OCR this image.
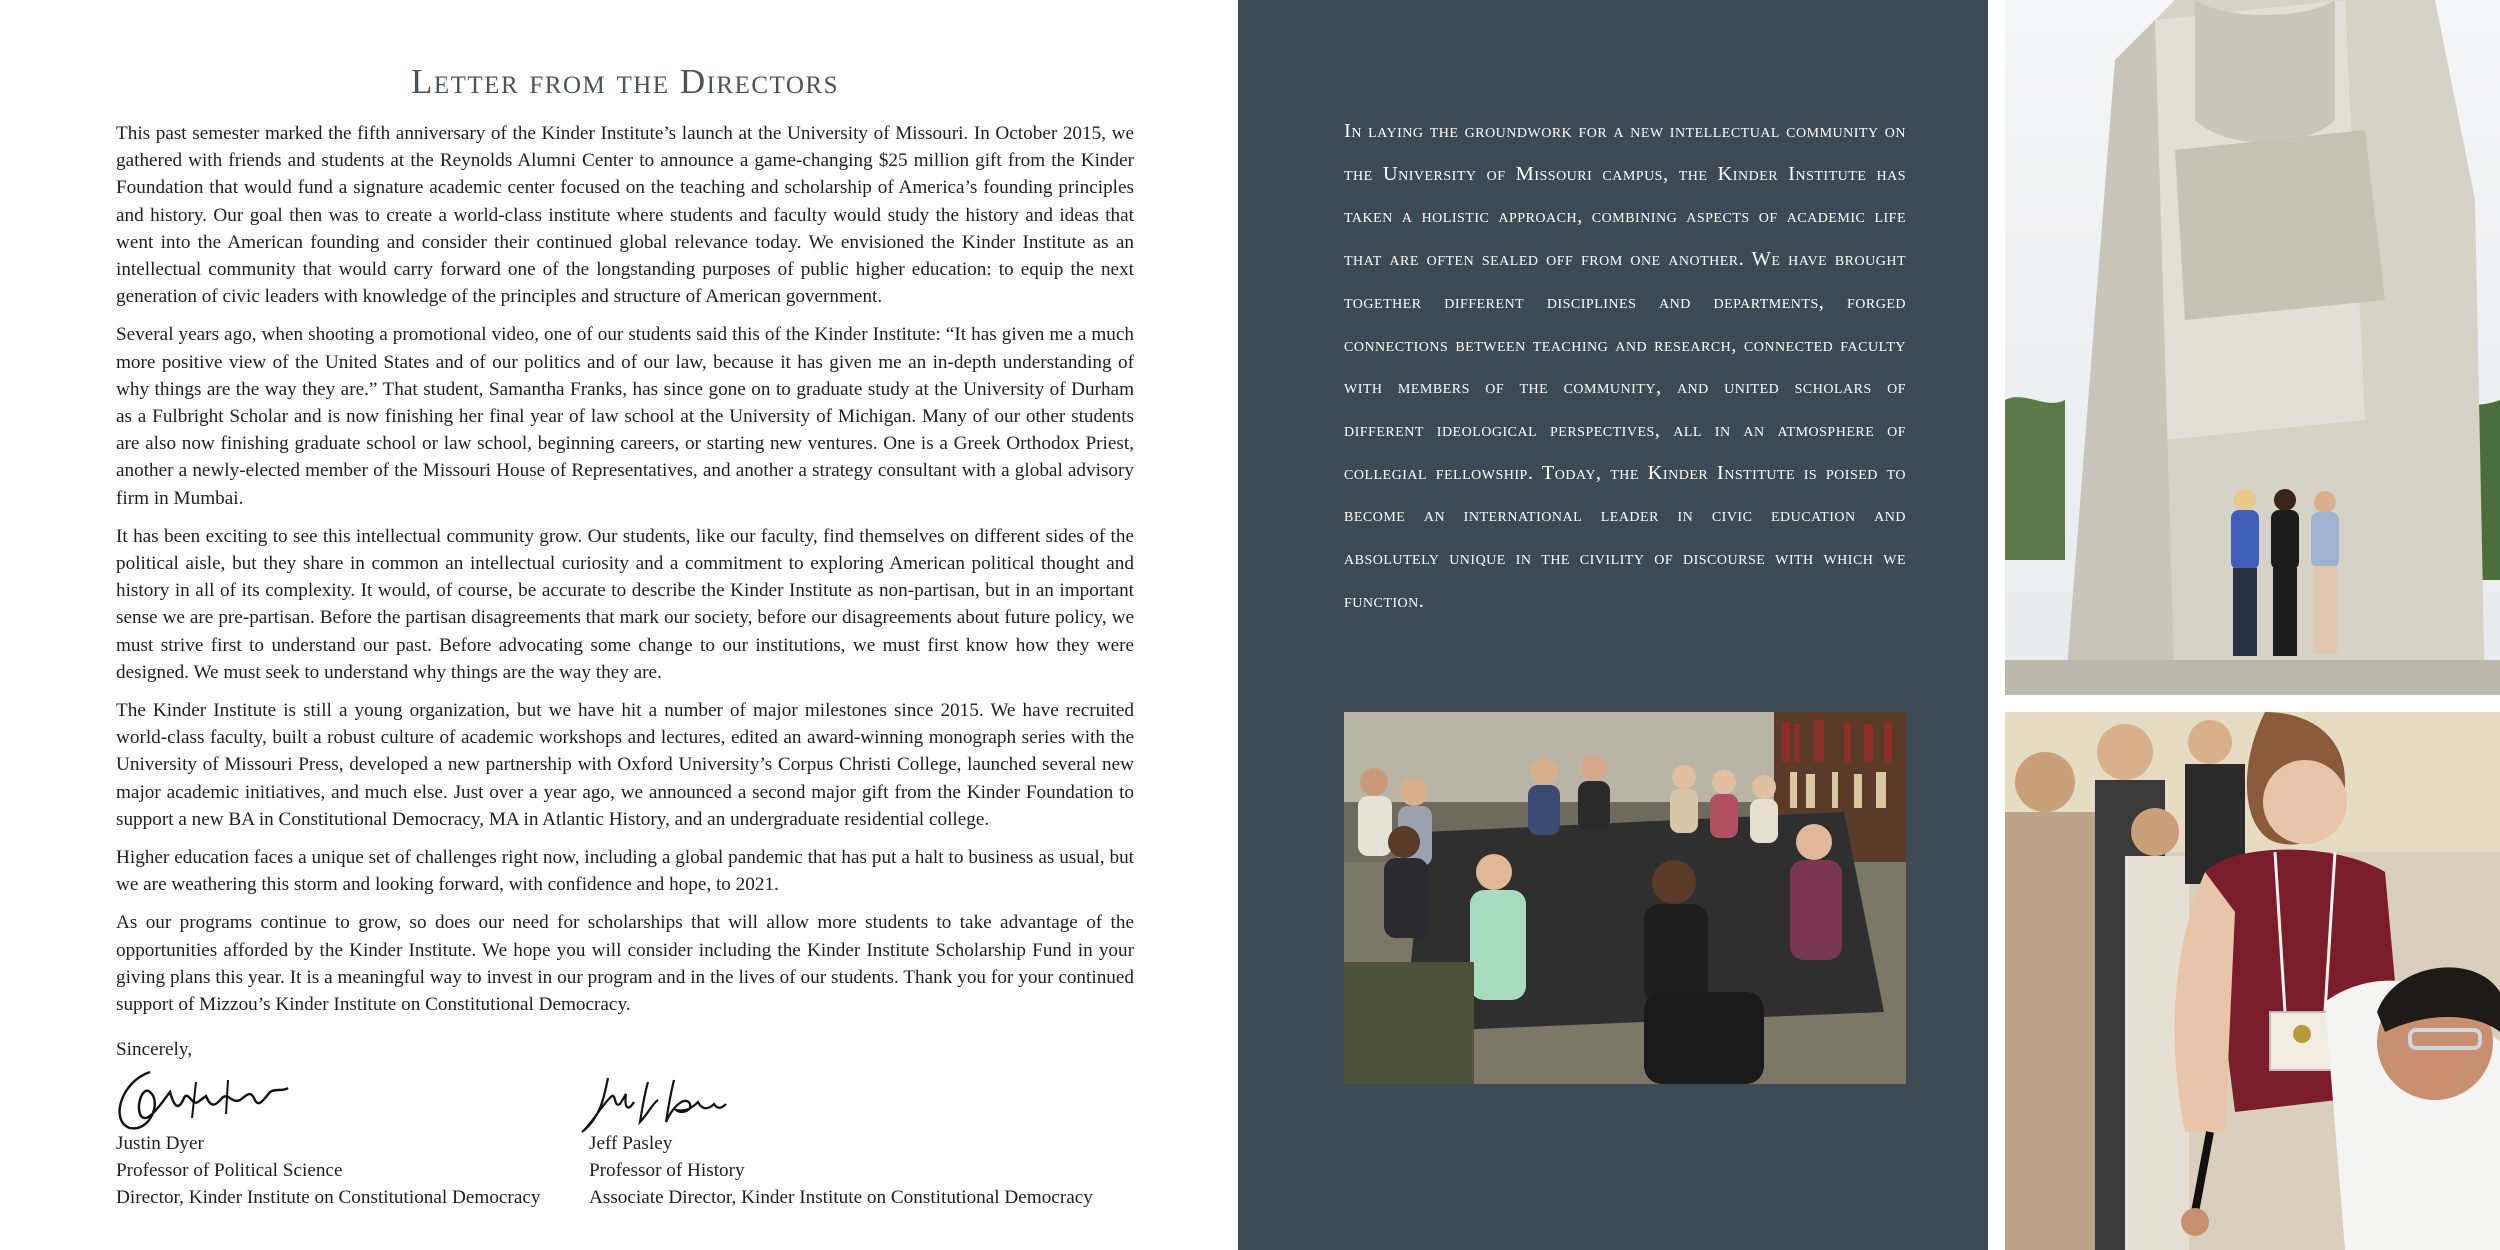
Letter from the Directors

This past semester marked the fifth anniversary of the Kinder Institute’s launch at the University of Missouri. In October 2015, we gathered with friends and students at the Reynolds Alumni Center to announce a game-changing $25 million gift from the Kinder Foundation that would fund a signature academic center focused on the teaching and scholarship of America’s founding principles and history. Our goal then was to create a world-class institute where students and faculty would study the history and ideas that went into the American founding and consider their continued global relevance today. We envisioned the Kinder Institute as an intellectual community that would carry forward one of the longstanding purposes of public higher education: to equip the next generation of civic leaders with knowledge of the principles and structure of American government.

Several years ago, when shooting a promotional video, one of our students said this of the Kinder Institute: “It has given me a much more positive view of the United States and of our politics and of our law, because it has given me an in-depth understanding of why things are the way they are.” That student, Samantha Franks, has since gone on to graduate study at the University of Durham as a Fulbright Scholar and is now finishing her final year of law school at the University of Michigan. Many of our other students are also now finishing graduate school or law school, beginning careers, or starting new ventures. One is a Greek Orthodox Priest, another a newly-elected member of the Missouri House of Representatives, and another a strategy consultant with a global advisory firm in Mumbai.

It has been exciting to see this intellectual community grow. Our students, like our faculty, find themselves on different sides of the political aisle, but they share in common an intellectual curiosity and a commitment to exploring American political thought and history in all of its complexity. It would, of course, be accurate to describe the Kinder Institute as non-partisan, but in an important sense we are pre-partisan. Before the partisan disagreements that mark our society, before our disagreements about future policy, we must strive first to understand our past. Before advocating some change to our institutions, we must first know how they were designed. We must seek to understand why things are the way they are.

The Kinder Institute is still a young organization, but we have hit a number of major milestones since 2015. We have recruited world-class faculty, built a robust culture of academic workshops and lectures, edited an award-winning monograph series with the University of Missouri Press, developed a new partnership with Oxford University’s Corpus Christi College, launched several new major academic initiatives, and much else. Just over a year ago, we announced a second major gift from the Kinder Foundation to support a new BA in Constitutional Democracy, MA in Atlantic History, and an undergraduate residential college.

Higher education faces a unique set of challenges right now, including a global pandemic that has put a halt to business as usual, but we are weathering this storm and looking forward, with confidence and hope, to 2021.

As our programs continue to grow, so does our need for scholarships that will allow more students to take advantage of the opportunities afforded by the Kinder Institute. We hope you will consider including the Kinder Institute Scholarship Fund in your giving plans this year. It is a meaningful way to invest in our program and in the lives of our students. Thank you for your continued support of Mizzou’s Kinder Institute on Constitutional Democracy.

Sincerely,
Justin Dyer
Professor of Political Science
Director, Kinder Institute on Constitutional Democracy
Jeff Pasley
Professor of History
Associate Director, Kinder Institute on Constitutional Democracy
In laying the groundwork for a new intellectual community on the University of Missouri campus, the Kinder Institute has taken a holistic approach, combining aspects of academic life that are often sealed off from one another. We have brought together different disciplines and departments, forged connections between teaching and research, connected faculty with members of the community, and united scholars of different ideological perspectives, all in an atmosphere of collegial fellowship. Today, the Kinder Institute is poised to become an international leader in civic education and absolutely unique in the civility of discourse with which we function.
